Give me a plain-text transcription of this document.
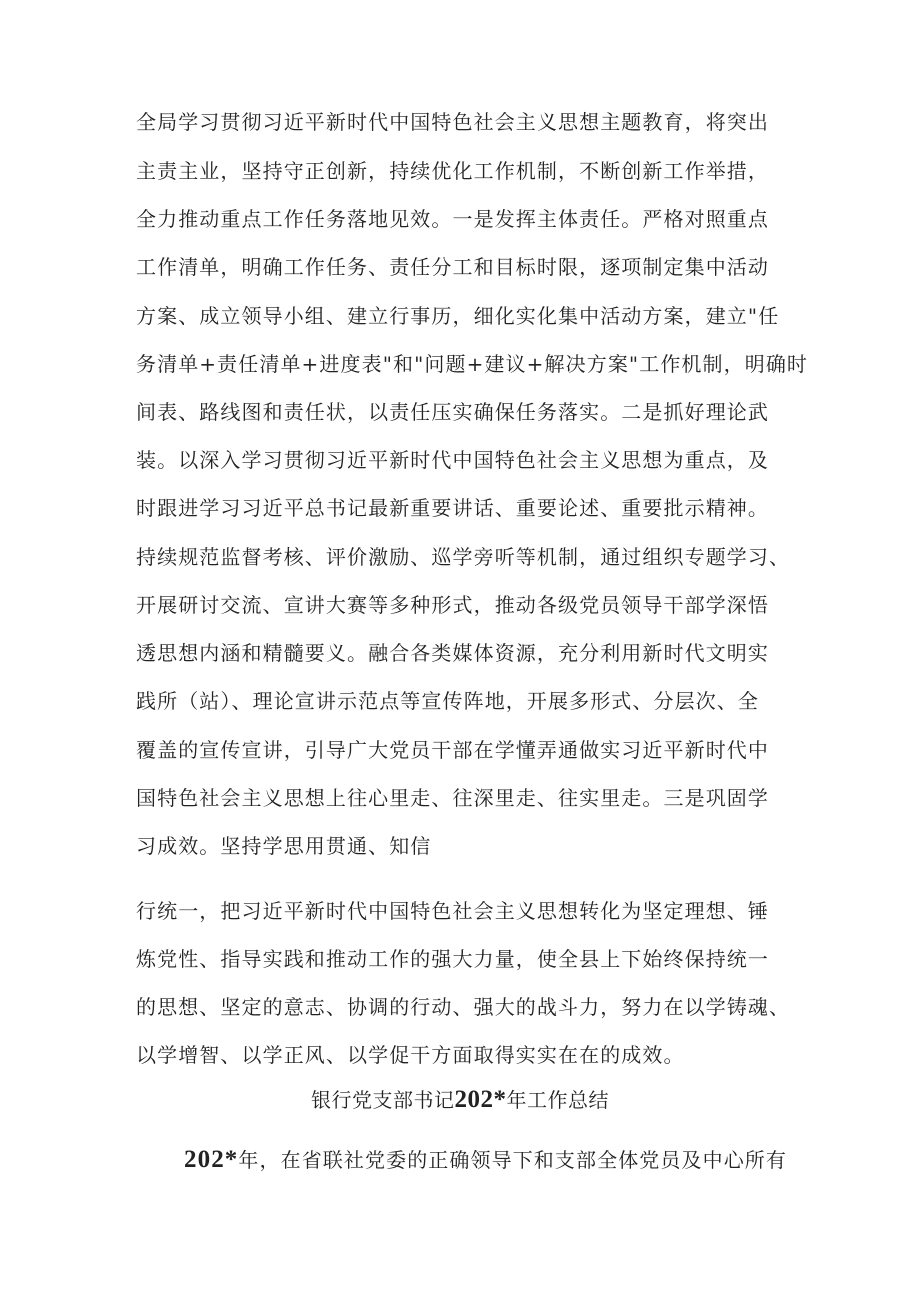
全局学习贯彻习近平新时代中国特色社会主义思想主题教育，将突出
主责主业，坚持守正创新，持续优化工作机制，不断创新工作举措，
全力推动重点工作任务落地见效。一是发挥主体责任。严格对照重点
工作清单，明确工作任务、责任分工和目标时限，逐项制定集中活动
方案、成立领导小组、建立行事历，细化实化集中活动方案，建立"任
务清单+责任清单+进度表"和"问题+建议+解决方案"工作机制，明确时
间表、路线图和责任状，以责任压实确保任务落实。二是抓好理论武
装。以深入学习贯彻习近平新时代中国特色社会主义思想为重点，及
时跟进学习习近平总书记最新重要讲话、重要论述、重要批示精神。
持续规范监督考核、评价激励、巡学旁听等机制，通过组织专题学习、
开展研讨交流、宣讲大赛等多种形式，推动各级党员领导干部学深悟
透思想内涵和精髓要义。融合各类媒体资源，充分利用新时代文明实
践所（站）、理论宣讲示范点等宣传阵地，开展多形式、分层次、全
覆盖的宣传宣讲，引导广大党员干部在学懂弄通做实习近平新时代中
国特色社会主义思想上往心里走、往深里走、往实里走。三是巩固学
习成效。坚持学思用贯通、知信
行统一，把习近平新时代中国特色社会主义思想转化为坚定理想、锤
炼党性、指导实践和推动工作的强大力量，使全县上下始终保持统一
的思想、坚定的意志、协调的行动、强大的战斗力，努力在以学铸魂、
以学增智、以学正风、以学促干方面取得实实在在的成效。
银行党支部书记202*年工作总结
202*年，在省联社党委的正确领导下和支部全体党员及中心所有
